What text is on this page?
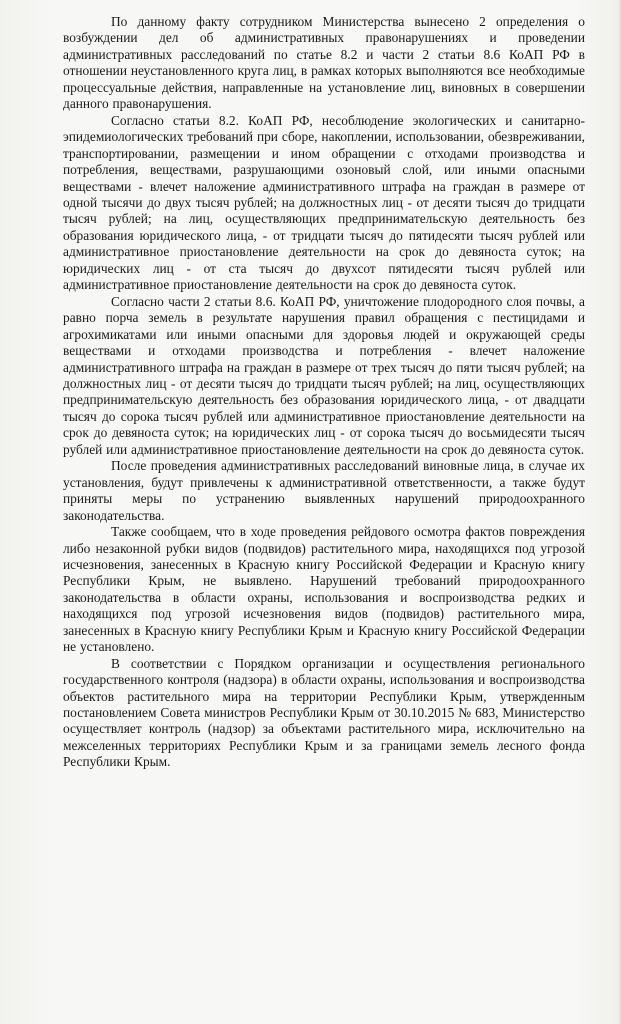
По данному факту сотрудником Министерства вынесено 2 определения о возбуждении дел об административных правонарушениях и проведении административных расследований по статье 8.2 и части 2 статьи 8.6 КоАП РФ в отношении неустановленного круга лиц, в рамках которых выполняются все необходимые процессуальные действия, направленные на установление лиц, виновных в совершении данного правонарушения.

Согласно статьи 8.2. КоАП РФ, несоблюдение экологических и санитарно-эпидемиологических требований при сборе, накоплении, использовании, обезвреживании, транспортировании, размещении и ином обращении с отходами производства и потребления, веществами, разрушающими озоновый слой, или иными опасными веществами - влечет наложение административного штрафа на граждан в размере от одной тысячи до двух тысяч рублей; на должностных лиц - от десяти тысяч до тридцати тысяч рублей; на лиц, осуществляющих предпринимательскую деятельность без образования юридического лица, - от тридцати тысяч до пятидесяти тысяч рублей или административное приостановление деятельности на срок до девяноста суток; на юридических лиц - от ста тысяч до двухсот пятидесяти тысяч рублей или административное приостановление деятельности на срок до девяноста суток.

Согласно части 2 статьи 8.6. КоАП РФ, уничтожение плодородного слоя почвы, а равно порча земель в результате нарушения правил обращения с пестицидами и агрохимикатами или иными опасными для здоровья людей и окружающей среды веществами и отходами производства и потребления - влечет наложение административного штрафа на граждан в размере от трех тысяч до пяти тысяч рублей; на должностных лиц - от десяти тысяч до тридцати тысяч рублей; на лиц, осуществляющих предпринимательскую деятельность без образования юридического лица, - от двадцати тысяч до сорока тысяч рублей или административное приостановление деятельности на срок до девяноста суток; на юридических лиц - от сорока тысяч до восьмидесяти тысяч рублей или административное приостановление деятельности на срок до девяноста суток.

После проведения административных расследований виновные лица, в случае их установления, будут привлечены к административной ответственности, а также будут приняты меры по устранению выявленных нарушений природоохранного законодательства.

Также сообщаем, что в ходе проведения рейдового осмотра фактов повреждения либо незаконной рубки видов (подвидов) растительного мира, находящихся под угрозой исчезновения, занесенных в Красную книгу Российской Федерации и Красную книгу Республики Крым, не выявлено. Нарушений требований природоохранного законодательства в области охраны, использования и воспроизводства редких и находящихся под угрозой исчезновения видов (подвидов) растительного мира, занесенных в Красную книгу Республики Крым и Красную книгу Российской Федерации не установлено.

В соответствии с Порядком организации и осуществления регионального государственного контроля (надзора) в области охраны, использования и воспроизводства объектов растительного мира на территории Республики Крым, утвержденным постановлением Совета министров Республики Крым от 30.10.2015 № 683, Министерство осуществляет контроль (надзор) за объектами растительного мира, исключительно на межселенных территориях Республики Крым и за границами земель лесного фонда Республики Крым.
